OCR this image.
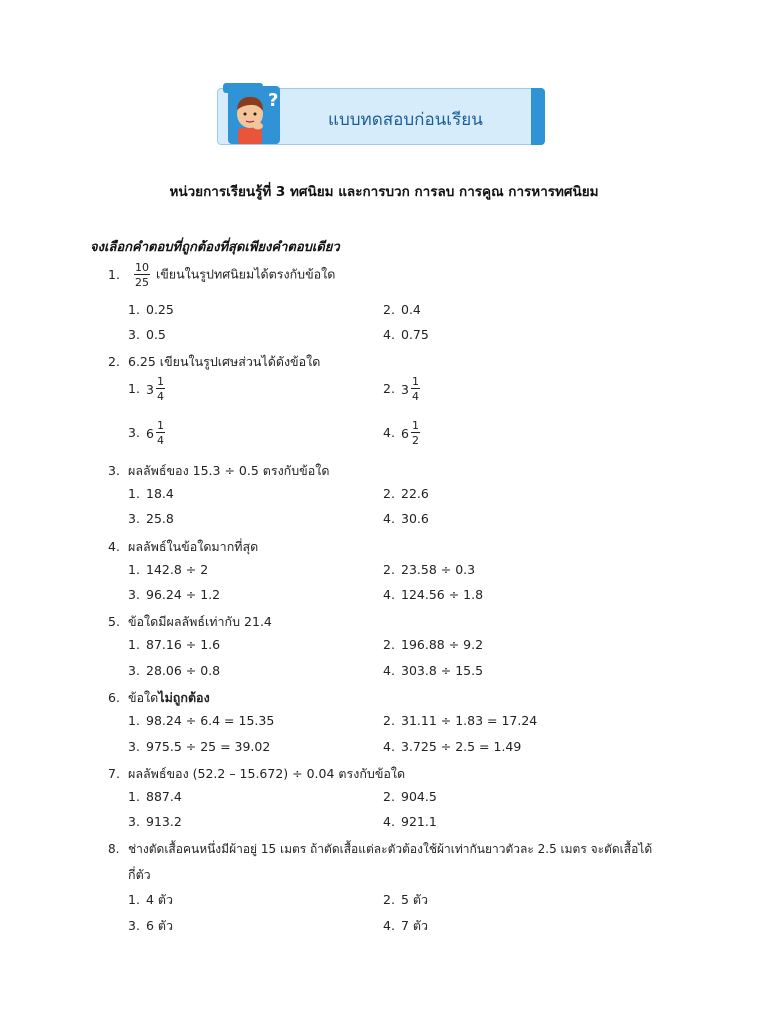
?
แบบทดสอบก่อนเรียน
หน่วยการเรียนรู้ที่ 3 ทศนิยม และการบวก การลบ การคูณ การหารทศนิยม
จงเลือกคำตอบที่ถูกต้องที่สุดเพียงคำตอบเดียว
1. $\frac{10}{25}$ เขียนในรูปทศนิยมได้ตรงกับข้อใด
1. 0.25	2. 0.4
3. 0.5	4. 0.75
2. 6.25 เขียนในรูปเศษส่วนได้ดังข้อใด
1. $3 \frac{1}{4}$	2. $3 \frac{1}{4}$
3. $6 \frac{1}{4}$	4. $6 \frac{1}{2}$
3. ผลลัพธ์ของ 15.3 ÷ 0.5 ตรงกับข้อใด
1. 18.4	2. 22.6
3. 25.8	4. 30.6
4. ผลลัพธ์ในข้อใดมากที่สุด
1. 142.8 ÷ 2	2. 23.58 ÷ 0.3
3. 96.24 ÷ 1.2	4. 124.56 ÷ 1.8
5. ข้อใดมีผลลัพธ์เท่ากับ 21.4
1. 87.16 ÷ 1.6	2. 196.88 ÷ 9.2
3. 28.06 ÷ 0.8	4. 303.8 ÷ 15.5
6. ข้อใดไม่ถูกต้อง
1. 98.24 ÷ 6.4 = 15.35	2. 31.11 ÷ 1.83 = 17.24
3. 975.5 ÷ 25 = 39.02	4. 3.725 ÷ 2.5 = 1.49
7. ผลลัพธ์ของ (52.2 – 15.672) ÷ 0.04 ตรงกับข้อใด
1. 887.4	2. 904.5
3. 913.2	4. 921.1
8. ช่างตัดเสื้อคนหนึ่งมีผ้าอยู่ 15 เมตร ถ้าตัดเสื้อแต่ละตัวต้องใช้ผ้าเท่ากันยาวตัวละ 2.5 เมตร จะตัดเสื้อได้
กี่ตัว
1. 4 ตัว	2. 5 ตัว
3. 6 ตัว	4. 7 ตัว
